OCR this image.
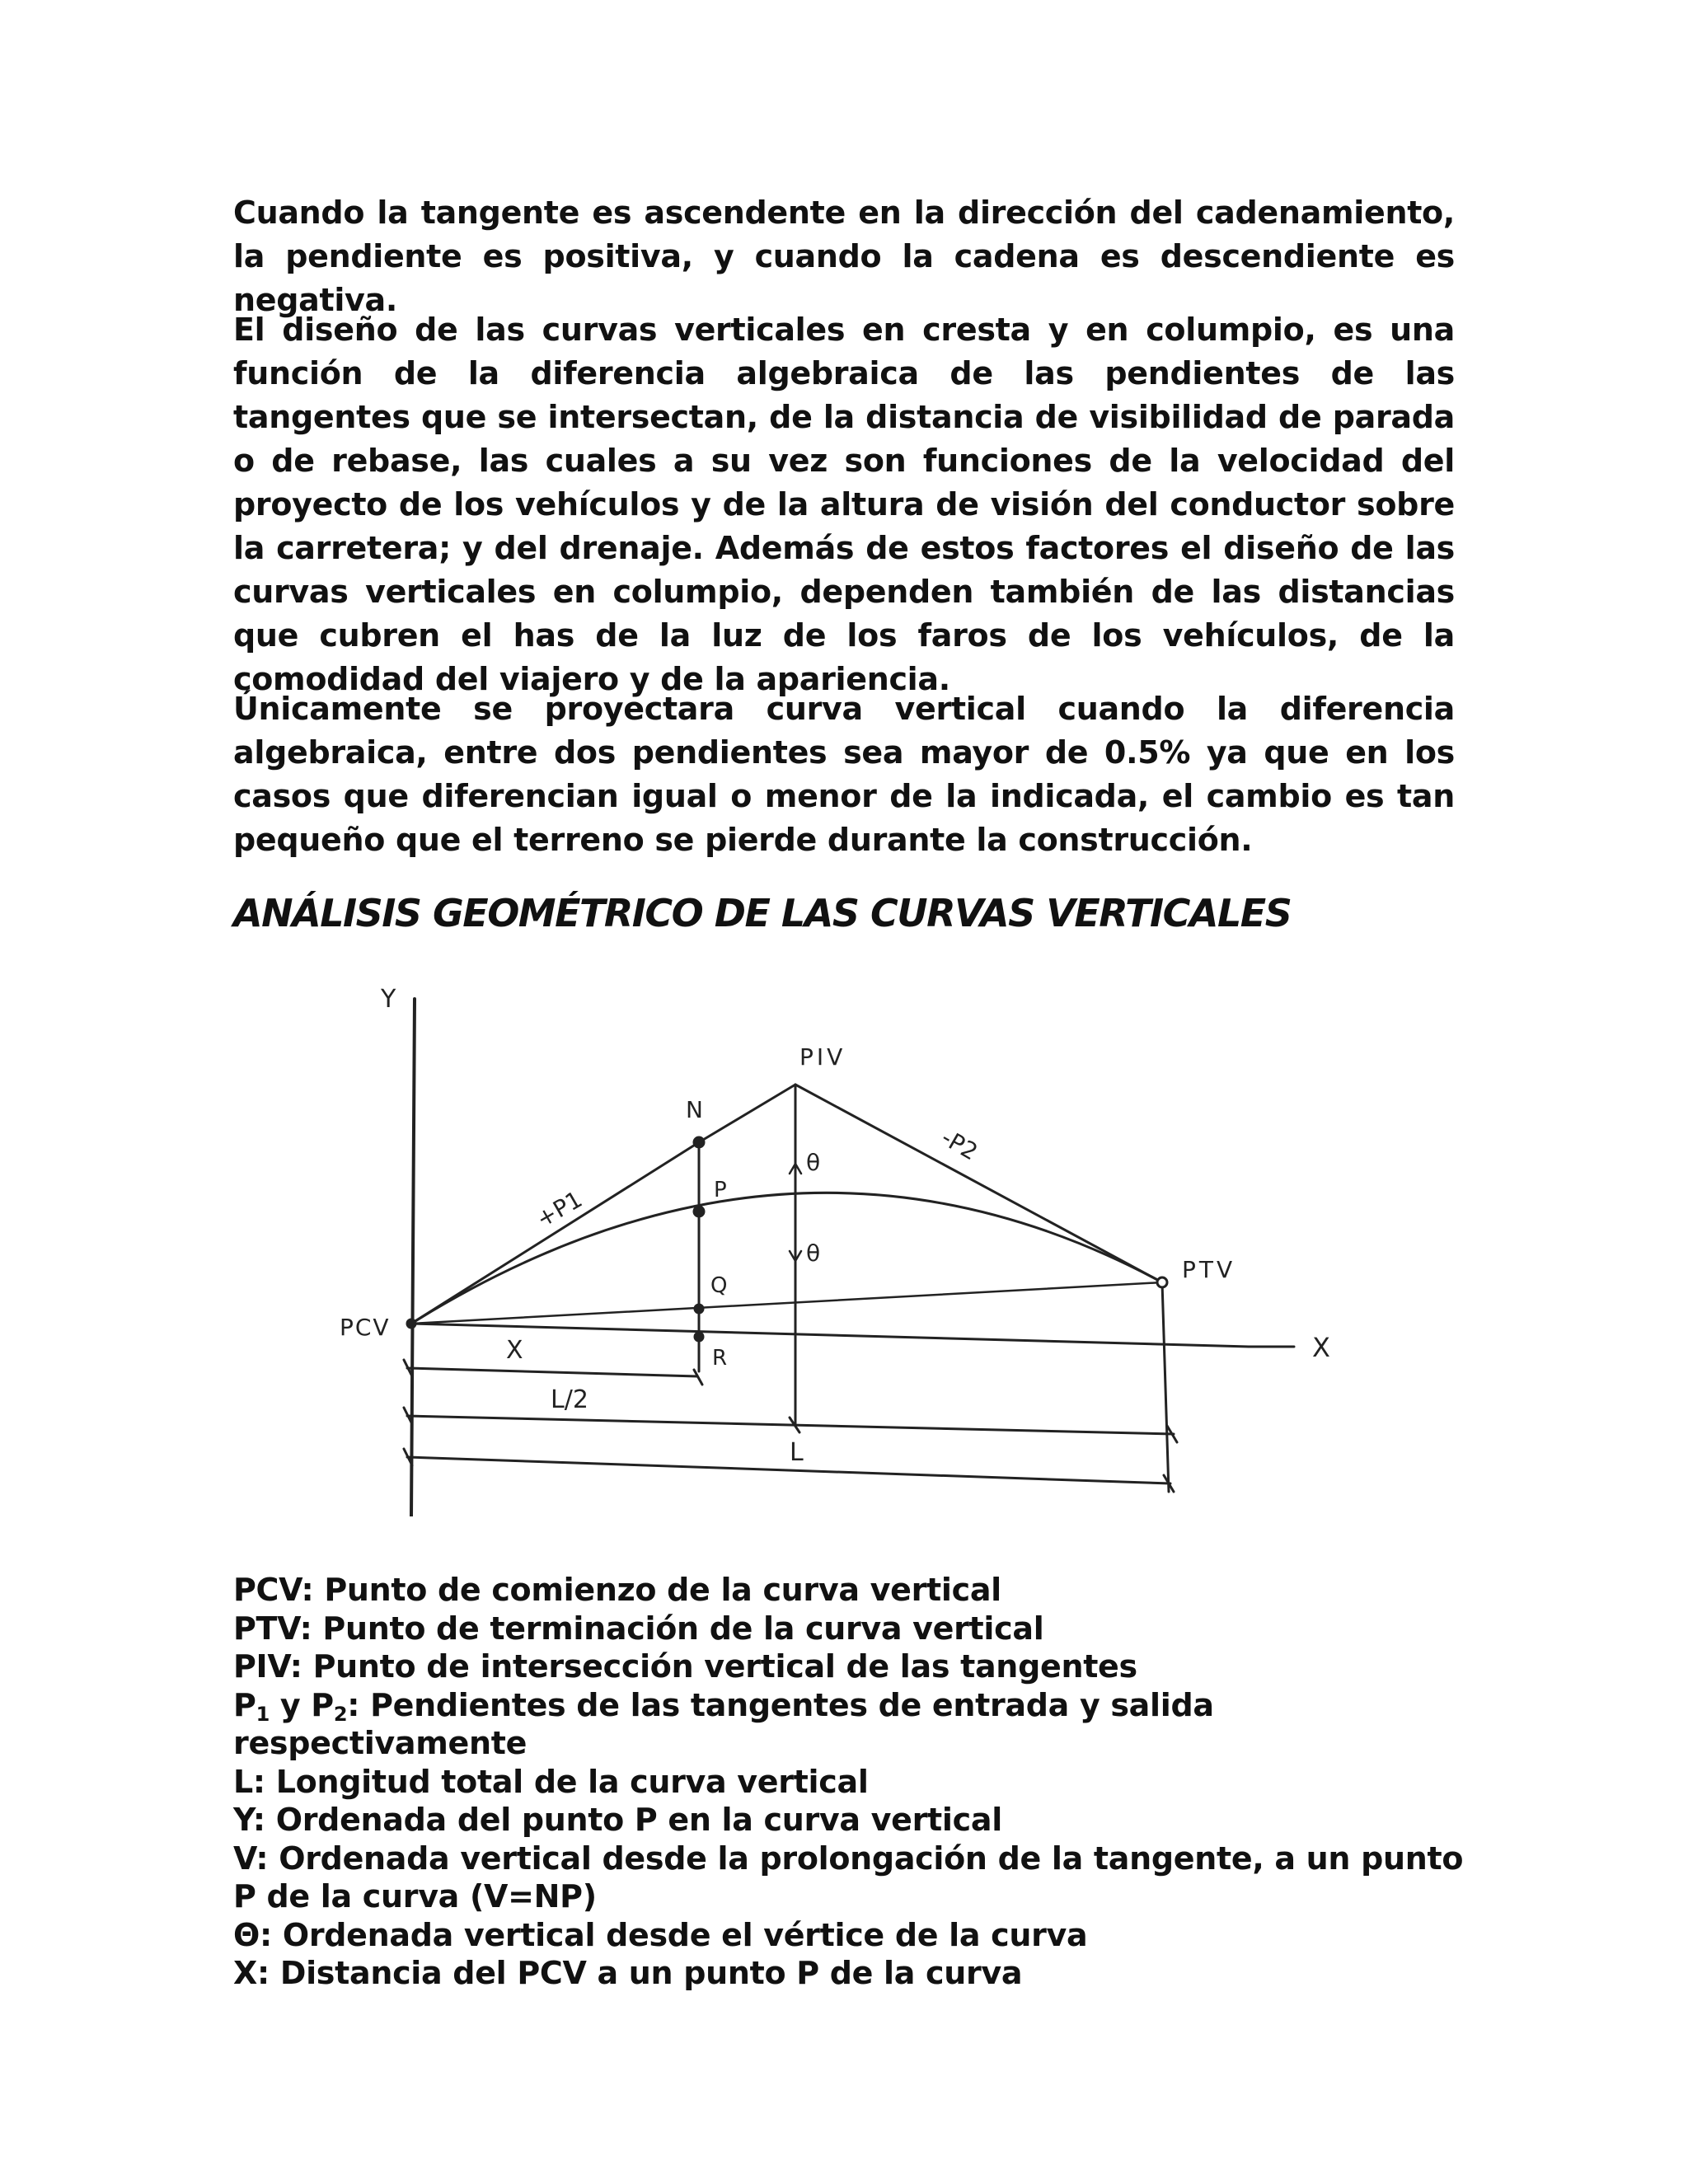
Cuando la tangente es ascendente en la dirección del cadenamiento, la pendiente es positiva, y cuando la cadena es descendiente es negativa.

El diseño de las curvas verticales en cresta y en columpio, es una función de la diferencia algebraica de las pendientes de las tangentes que se intersectan, de la distancia de visibilidad de parada o de rebase, las cuales a su vez son funciones de la velocidad del proyecto de los vehículos y de la altura de visión del conductor sobre la carretera; y del drenaje. Además de estos factores el diseño de las curvas verticales en columpio, dependen también de las distancias que cubren el has de la luz de los faros de los vehículos, de la comodidad del viajero y de la apariencia.

Únicamente se proyectara curva vertical cuando la diferencia algebraica, entre dos pendientes sea mayor de 0.5% ya que en los casos que diferencian igual o menor de la indicada, el cambio es tan pequeño que el terreno se pierde durante la construcción.

ANÁLISIS GEOMÉTRICO DE LAS CURVAS VERTICALES
Y
X
PIV
N
P
Q
R
PCV
PTV
+P1
-P2
θ
θ
X
L/2
L
PCV: Punto de comienzo de la curva vertical
PTV: Punto de terminación de la curva vertical
PIV: Punto de intersección vertical de las tangentes
$P_1$ y $P_2$: Pendientes de las tangentes de entrada y salida respectivamente
L: Longitud total de la curva vertical
Y: Ordenada del punto P en la curva vertical
V: Ordenada vertical desde la prolongación de la tangente, a un punto P de la curva (V=NP)
Θ: Ordenada vertical desde el vértice de la curva
X: Distancia del PCV a un punto P de la curva
